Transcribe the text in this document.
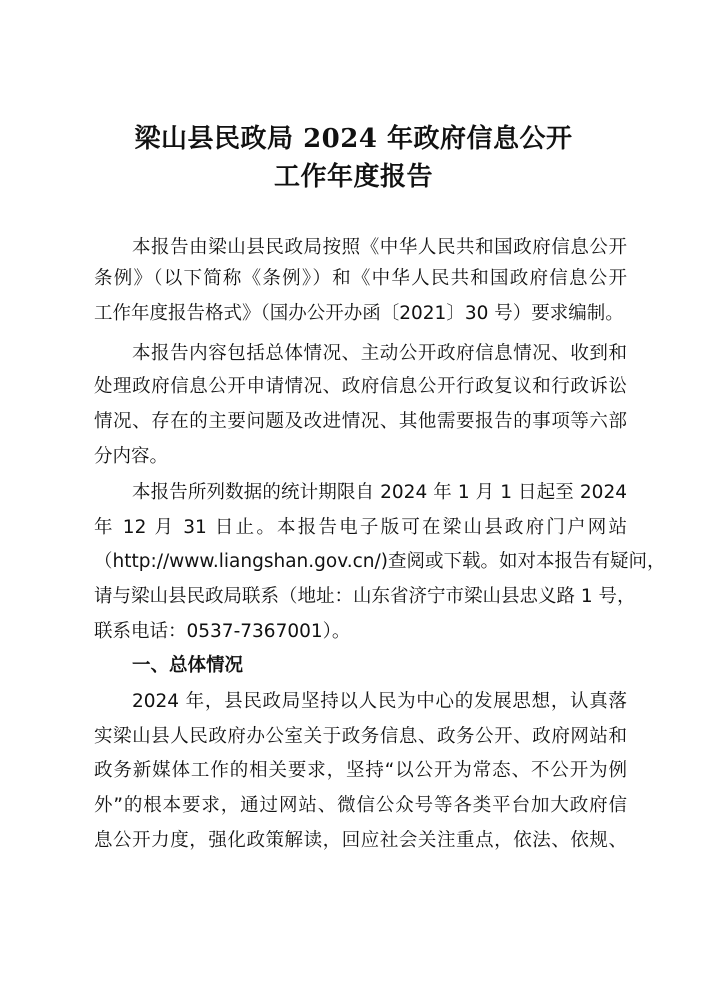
梁山县民政局 2024 年政府信息公开
工作年度报告
本报告由梁山县民政局按照《中华人民共和国政府信息公开
条例》（以下简称《条例》）和《中华人民共和国政府信息公开
工作年度报告格式》（国办公开办函〔2021〕30 号）要求编制。
本报告内容包括总体情况、主动公开政府信息情况、收到和
处理政府信息公开申请情况、政府信息公开行政复议和行政诉讼
情况、存在的主要问题及改进情况、其他需要报告的事项等六部
分内容。
本报告所列数据的统计期限自 2024 年 1 月 1 日起至 2024
年 12 月 31 日止。本报告电子版可在梁山县政府门户网站
（http://www.liangshan.gov.cn/)查阅或下载。如对本报告有疑问，
请与梁山县民政局联系（地址：山东省济宁市梁山县忠义路 1 号，
联系电话：0537-7367001）。
一、总体情况
2024 年，县民政局坚持以人民为中心的发展思想，认真落
实梁山县人民政府办公室关于政务信息、政务公开、政府网站和
政务新媒体工作的相关要求，坚持“以公开为常态、不公开为例
外”的根本要求，通过网站、微信公众号等各类平台加大政府信
息公开力度，强化政策解读，回应社会关注重点，依法、依规、
